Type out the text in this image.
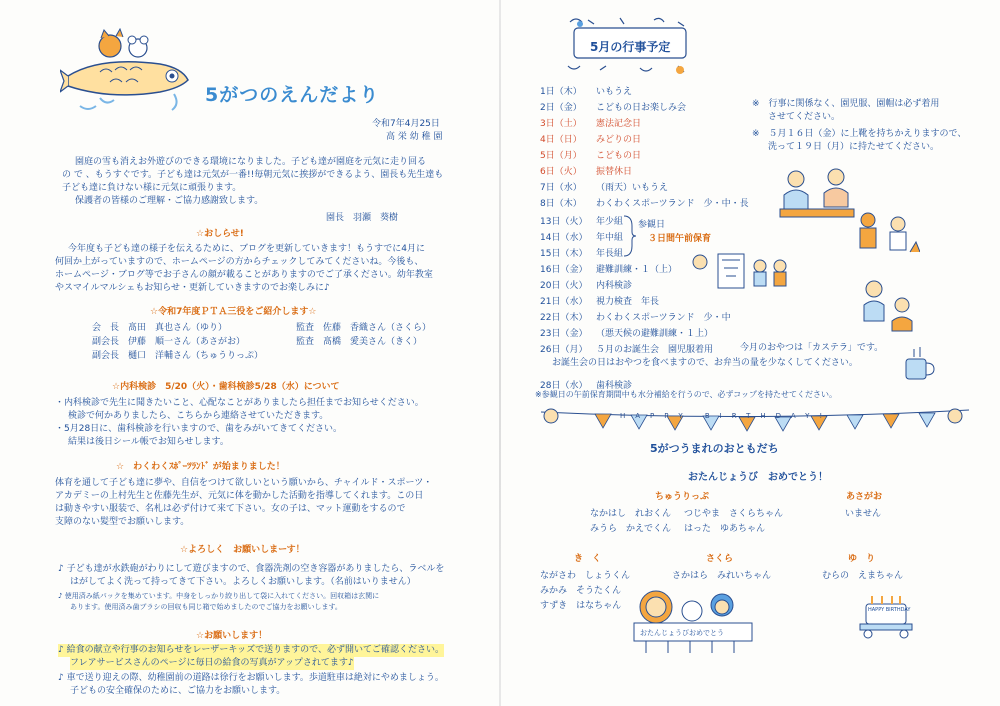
5がつのえんだより
令和7年4月25日
高 栄 幼 稚 園
園庭の雪も消えお外遊びのできる環境になりました。子ども達が園庭を元気に走り回る
の で 、もうすぐです。子ども達は元気が一番!!毎朝元気に挨拶ができるよう、園長も先生達も
子ども達に負けない様に元気に頑張ります。
保護者の皆様のご理解・ご協力感謝致します。
園長　羽瀬　葵樹
☆おしらせ!
今年度も子ども達の様子を伝えるために、ブログを更新していきます！もうすでに4月に
何回か上がっていますので、ホームページの方からチェックしてみてくださいね。今後も、
ホームページ・ブログ等でお子さんの顔が載ることがありますのでご了承ください。幼年教室
やスマイルマルシェもお知らせ・更新していきますのでお楽しみに♪
☆令和7年度ＰＴＡ三役をご紹介します☆
会　長　髙田　真也さん（ゆり）	監査　佐藤　香織さん（さくら）
副会長　伊藤　順一さん（あさがお）	監査　髙橋　愛美さん（きく）
副会長　樋口　洋輔さん（ちゅうりっぷ）
☆内科検診　5/20（火）・歯科検診5/28（水）について
・内科検診で先生に聞きたいこと、心配なことがありましたら担任までお知らせください。
検診で何かありましたら、こちらから連絡させていただきます。
・5月28日に、歯科検診を行いますので、歯をみがいてきてください。
結果は後日シール帳でお知らせします。
☆　わくわくｽﾎﾟｰﾂﾗﾝﾄﾞ が始まりました！
体育を通して子ども達に夢や、自信をつけて欲しいという願いから、チャイルド・スポーツ・
アカデミーの上村先生と佐藤先生が、元気に体を動かした活動を指導してくれます。この日
は動きやすい服装で、名札は必ず付けて来て下さい。女の子は、マット運動をするので
支障のない髪型でお願いします。
☆よろしく　お願いしまーす！
♪ 子ども達が水鉄砲がわりにして遊びますので、食器洗剤の空き容器がありましたら、ラベルを
はがしてよく洗って持ってきて下さい。よろしくお願いします。（名前はいりません）
♪ 使用済み紙パックを集めています。中身をしっかり絞り出して袋に入れてください。回収箱は玄関に
あります。使用済み歯ブラシの回収も同じ箱で始めましたのでご協力をお願いします。
☆お願いします！
♪ 給食の献立や行事のお知らせをレーザーキッズで送りますので、必ず開いてご確認ください。
フレアサービスさんのページに毎日の給食の写真がアップされてます♪
♪ 車で送り迎えの際、幼稚園前の道路は徐行をお願いします。歩道駐車は絶対にやめましょう。
子どもの安全確保のために、ご協力をお願いします。
5月の行事予定
1日（木） いもうえ
2日（金） こどもの日お楽しみ会
3日（土） 憲法記念日
4日（日） みどりの日
5日（月） こどもの日
6日（火） 振替休日
7日（水） （雨天）いもうえ
8日（木） わくわくスポーツランド　少・中・長
13日（火） 年少組
14日（水） 年中組
15日（木） 年長組
16日（金） 避難訓練・１（上）
20日（火） 内科検診
21日（水） 視力検査　年長
22日（木） わくわくスポーツランド　少・中
23日（金） （悪天候の避難訓練・１上）
26日（月） ５月のお誕生会　園児服着用
28日（水） 歯科検診
参観日
３日間午前保育
※　行事に関係なく、園児服、園帽は必ず着用
させてください。
※　５月１６日（金）に上靴を持ちかえりますので、
洗って１９日（月）に持たせてください。
今月のおやつは「カステラ」です。
お誕生会の日はおやつを食べますので、お弁当の量を少なくしてください。
※参観日の午前保育期間中も水分補給を行うので、必ずコップを持たせてください。
HAPPY BIRTHDAY!
5がつうまれのおともだち
おたんじょうび　おめでとう！
ちゅうりっぷ
なかはし　れおくん つじやま　さくらちゃん
みうら　かえでくん はった　ゆあちゃん
あさがお
いません
き　く
ながさわ　しょうくん
みかみ　そうたくん
すずき　はなちゃん
さくら
さかはら　みれいちゃん
ゆ　り
むらの　えまちゃん
おたんじょうびおめでとう
HAPPY BIRTHDAY
